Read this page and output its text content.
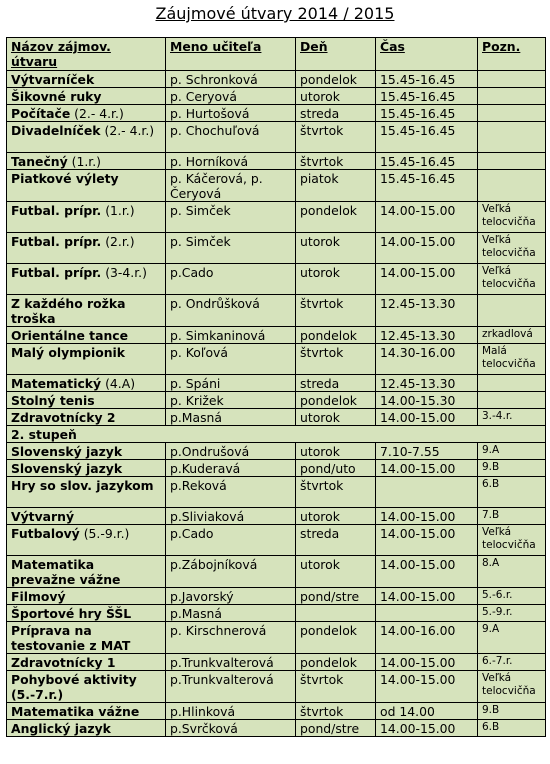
Záujmové útvary 2014 / 2015
Názov zájmov. útvaru	Meno učiteľa	Deň	Čas	Pozn.
Výtvarníček	p. Schronková	pondelok	15.45-16.45	
Šikovné ruky	p. Ceryová	utorok	15.45-16.45	
Počítače (2.- 4.r.)	p. Hurtošová	streda	15.45-16.45	
Divadelníček (2.- 4.r.)	p. Chochuľová	štvrtok	15.45-16.45	
Tanečný (1.r.)	p. Horníková	štvrtok	15.45-16.45	
Piatkové výlety	p. Káčerová, p. Čeryová	piatok	15.45-16.45	
Futbal. prípr. (1.r.)	p. Simček	pondelok	14.00-15.00	Veľká telocvičňa
Futbal. prípr. (2.r.)	p. Simček	utorok	14.00-15.00	Veľká telocvičňa
Futbal. prípr. (3-4.r.)	p.Cado	utorok	14.00-15.00	Veľká telocvičňa
Z každého rožka troška	p. Ondrůšková	štvrtok	12.45-13.30	
Orientálne tance	p. Simkaninová	pondelok	12.45-13.30	zrkadlová
Malý olympionik	p. Koľová	štvrtok	14.30-16.00	Malá telocvičňa
Matematický (4.A)	p. Spáni	streda	12.45-13.30	
Stolný tenis	p. Križek	pondelok	14.00-15.30	
Zdravotnícky 2	p.Masná	utorok	14.00-15.00	3.-4.r.
2. stupeň				
Slovenský jazyk	p.Ondrušová	utorok	7.10-7.55	9.A
Slovenský jazyk	p.Kuderavá	pond/uto	14.00-15.00	9.B
Hry so slov. jazykom	p.Reková	štvrtok		6.B
Výtvarný	p.Sliviaková	utorok	14.00-15.00	7.B
Futbalový (5.-9.r.)	p.Cado	streda	14.00-15.00	Veľká telocvičňa
Matematika prevažne vážne	p.Zábojníková	utorok	14.00-15.00	8.A
Filmový	p.Javorský	pond/stre	14.00-15.00	5.-6.r.
Športové hry ŠŠL	p.Masná			5.-9.r.
Príprava na testovanie z MAT	p. Kirschnerová	pondelok	14.00-16.00	9.A
Zdravotnícky 1	p.Trunkvalterová	pondelok	14.00-15.00	6.-7.r.
Pohybové aktivity (5.-7.r.)	p.Trunkvalterová	štvrtok	14.00-15.00	Veľká telocvičňa
Matematika vážne	p.Hlinková	štvrtok	od 14.00	9.B
Anglický jazyk	p.Svrčková	pond/stre	14.00-15.00	6.B
